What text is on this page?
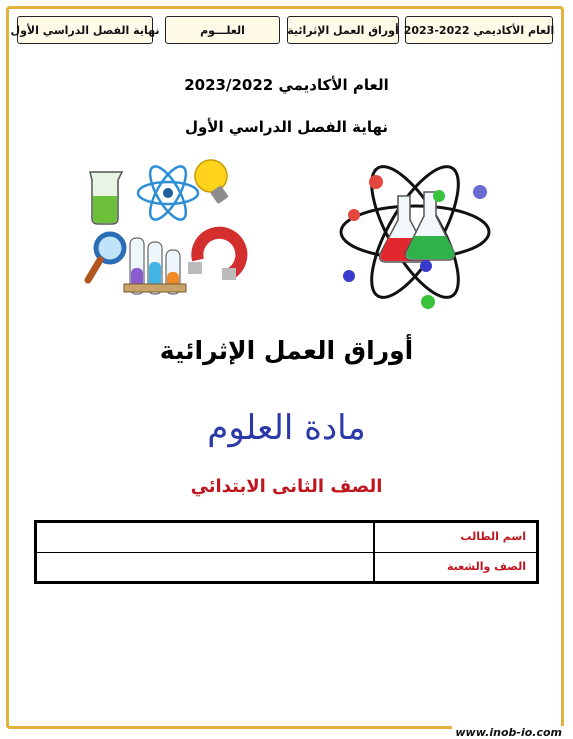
نهاية الفصل الدراسي الأول	العلـــوم	أوراق العمل الإثرائية العام الأكاديمي 2022-2023
العام الأكاديمي 2023/2022
نهاية الفصل الدراسي الأول
أوراق العمل الإثرائية
مادة العلوم
الصف الثانى الابتدائي
اسم الطالب
الصف والشعبة
www.inob-io.com
